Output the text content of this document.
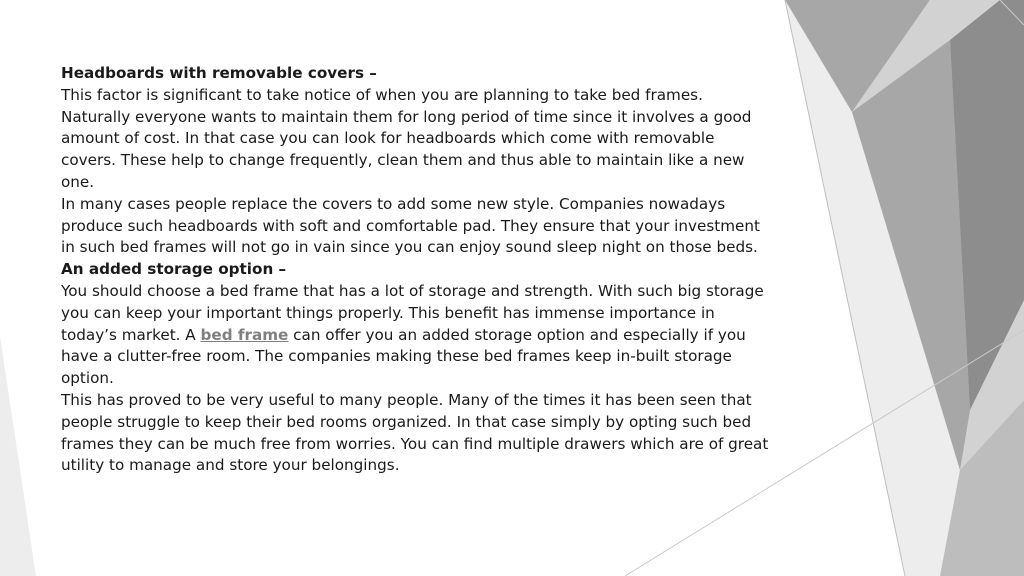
Headboards with removable covers –

This factor is significant to take notice of when you are planning to take bed frames. Naturally everyone wants to maintain them for long period of time since it involves a good amount of cost. In that case you can look for headboards which come with removable covers. These help to change frequently, clean them and thus able to maintain like a new one.

In many cases people replace the covers to add some new style. Companies nowadays produce such headboards with soft and comfortable pad. They ensure that your investment in such bed frames will not go in vain since you can enjoy sound sleep night on those beds.

An added storage option –

You should choose a bed frame that has a lot of storage and strength. With such big storage you can keep your important things properly. This benefit has immense importance in today’s market. A bed frame can offer you an added storage option and especially if you have a clutter-free room. The companies making these bed frames keep in-built storage option.

This has proved to be very useful to many people. Many of the times it has been seen that people struggle to keep their bed rooms organized. In that case simply by opting such bed frames they can be much free from worries. You can find multiple drawers which are of great utility to manage and store your belongings.
